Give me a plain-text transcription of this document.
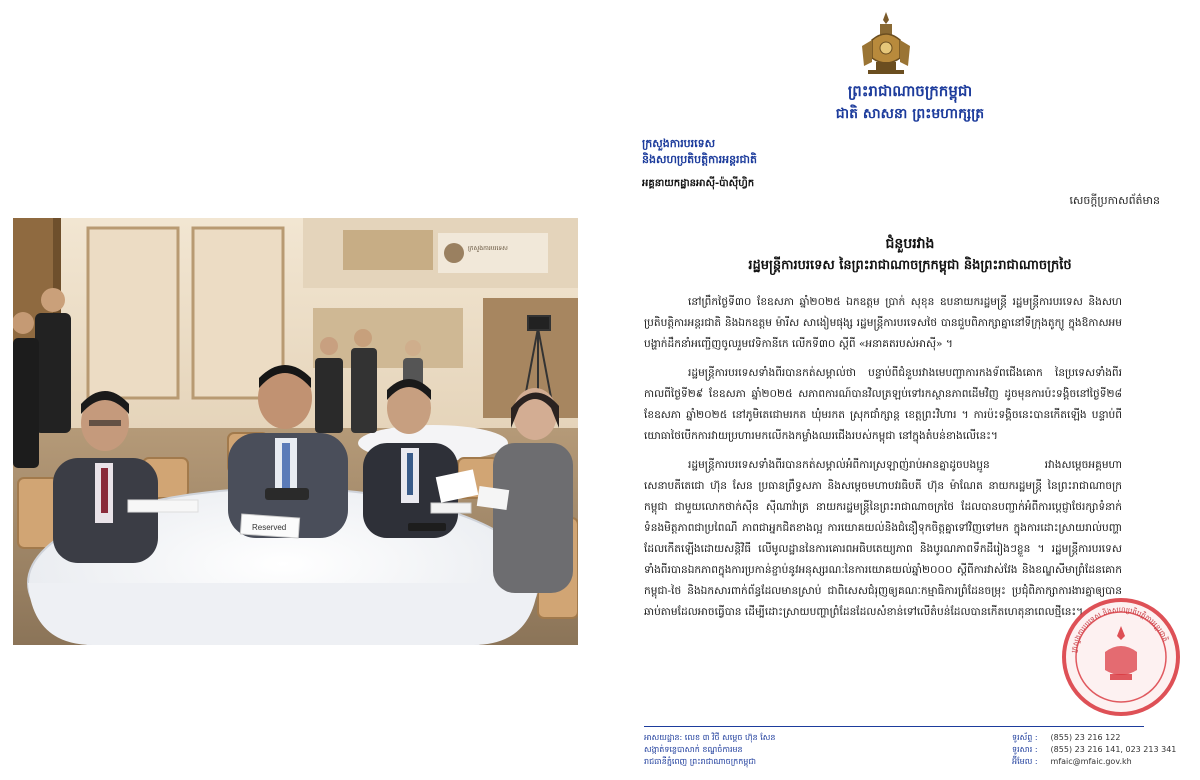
ក្រសួងការបរទេស
Reserved
ព្រះរាជាណាចក្រកម្ពុជា
ជាតិ សាសនា ព្រះមហាក្សត្រ
ក្រសួងការបរទេស
និងសហប្រតិបត្តិការអន្តរជាតិ
អគ្គនាយកដ្ឋានអាស៊ី-ប៉ាស៊ីហ្វិក
សេចក្តីប្រកាសព័ត៌មាន
ជំនួបរវាង
រដ្ឋមន្ត្រីការបរទេស នៃព្រះរាជាណាចក្រកម្ពុជា និងព្រះរាជាណាចក្រថៃ

នៅព្រឹកថ្ងៃទី៣០ ខែឧសភា ឆ្នាំ២០២៥ ឯកឧត្តម ប្រាក់ សុខុន ឧបនាយករដ្ឋមន្ត្រី រដ្ឋមន្ត្រីការបរទេស និងសហប្រតិបត្តិការអន្តរជាតិ និងឯកឧត្តម ម៉ារីស សាងៀមផុង្ស រដ្ឋមន្ត្រីការបរទេសថៃ បានជួបពិភាក្សាគ្នានៅទីក្រុងតូក្យូ ក្នុងឱកាសអមបង្ហាក់ដឹកនាំអញ្ជើញចូលរួមវេទិកានីកេ លើកទី៣០ ស្តីពី «អនាគតរបស់អាស៊ី» ។

រដ្ឋមន្ត្រីការបរទេសទាំងពីរបានកត់សម្គាល់ថា បន្ទាប់ពីជំនួបរវាងមេបញ្ជាការកងទ័ពជើងគោក នៃប្រទេសទាំងពីរកាលពីថ្ងៃទី២៩ ខែឧសភា ឆ្នាំ២០២៥ សភាពការណ៍បានវិលត្រឡប់ទៅរកស្ថានភាពដើមវិញ ដូចមុនការប៉ះទង្គិចនៅថ្ងៃទី២៨ ខែឧសភា ឆ្នាំ២០២៥ នៅភូមិតេជោមរកត ឃុំមរកត ស្រុកជាំក្សាន្ត ខេត្តព្រះវិហារ ។ ការប៉ះទង្គិចនេះបានកើតឡើង បន្ទាប់ពីយោធាថៃបើកការវាយប្រហារមកលើកងកម្លាំងឈរជើងរបស់កម្ពុជា នៅក្នុងតំបន់ខាងលើនេះ។

រដ្ឋមន្ត្រីការបរទេសទាំងពីរបានកត់សម្គាល់អំពីការស្រឡាញ់រាប់អានគ្នាដូចបងប្អូន រវាងសម្តេចអគ្គមហាសេនាបតីតេជោ ហ៊ុន សែន ប្រធានព្រឹទ្ធសភា និងសម្តេចមហាបវរធិបតី ហ៊ុន ម៉ាណែត នាយករដ្ឋមន្ត្រី នៃព្រះរាជាណាចក្រកម្ពុជា ជាមួយលោកថាក់ស៊ីន ស៊ីណាវ៉ាត្រ នាយករដ្ឋមន្ត្រីនៃព្រះរាជាណាចក្រថៃ ដែលបានបញ្ជាក់អំពីការប្តេជ្ញាថែរក្សាទំនាក់ទំនងមិត្តភាពជាប្រពៃណី ភាពជាអ្នកជិតខាងល្អ ការយោគយល់និងជំនឿទុកចិត្តគ្នាទៅវិញទៅមក ក្នុងការដោះស្រាយរាល់បញ្ហាដែលកើតឡើងដោយសន្តិវិធី លើមូលដ្ឋាននៃការគោរពអធិបតេយ្យភាព និងបូរណភាពទឹកដីរៀងៗខ្លួន ។ រដ្ឋមន្ត្រីការបរទេសទាំងពីរបានឯកភាពក្នុងការប្រកាន់ខ្ជាប់នូវអនុស្សរណៈនៃការយោគយល់ឆ្នាំ២០០០ ស្តីពីការវាស់វែង និងខណ្ឌសីមាព្រំដែនគោកកម្ពុជា-ថៃ និងឯកសារពាក់ព័ន្ធដែលមានស្រាប់ ជាពិសេសជំរុញឲ្យគណៈកម្មាធិការព្រំដែនចម្រុះ ប្រជុំពិភាក្សាការងារគ្នាឲ្យបានឆាប់តាមដែលអាចធ្វើបាន ដើម្បីដោះស្រាយបញ្ហាព្រំដែនដែលសំខាន់ទៅលើតំបន់ដែលបានកើតហេតុនាពេលថ្មីនេះ។

ក្រសួងការបរទេស និងសហប្រតិបត្តិការអន្តរជាតិ
អាសយដ្ឋាន: លេខ ៣ វិថី សម្តេច ហ៊ុន សែន
សង្កាត់ទន្លេបាសាក់ ខណ្ឌចំការមន
រាជធានីភ្នំពេញ ព្រះរាជាណាចក្រកម្ពុជា
ទូរស័ព្ទ : (855) 23 216 122
ទូរសារ : (855) 23 216 141, 023 213 341
អ៊ីមែល : mfaic@mfaic.gov.kh
